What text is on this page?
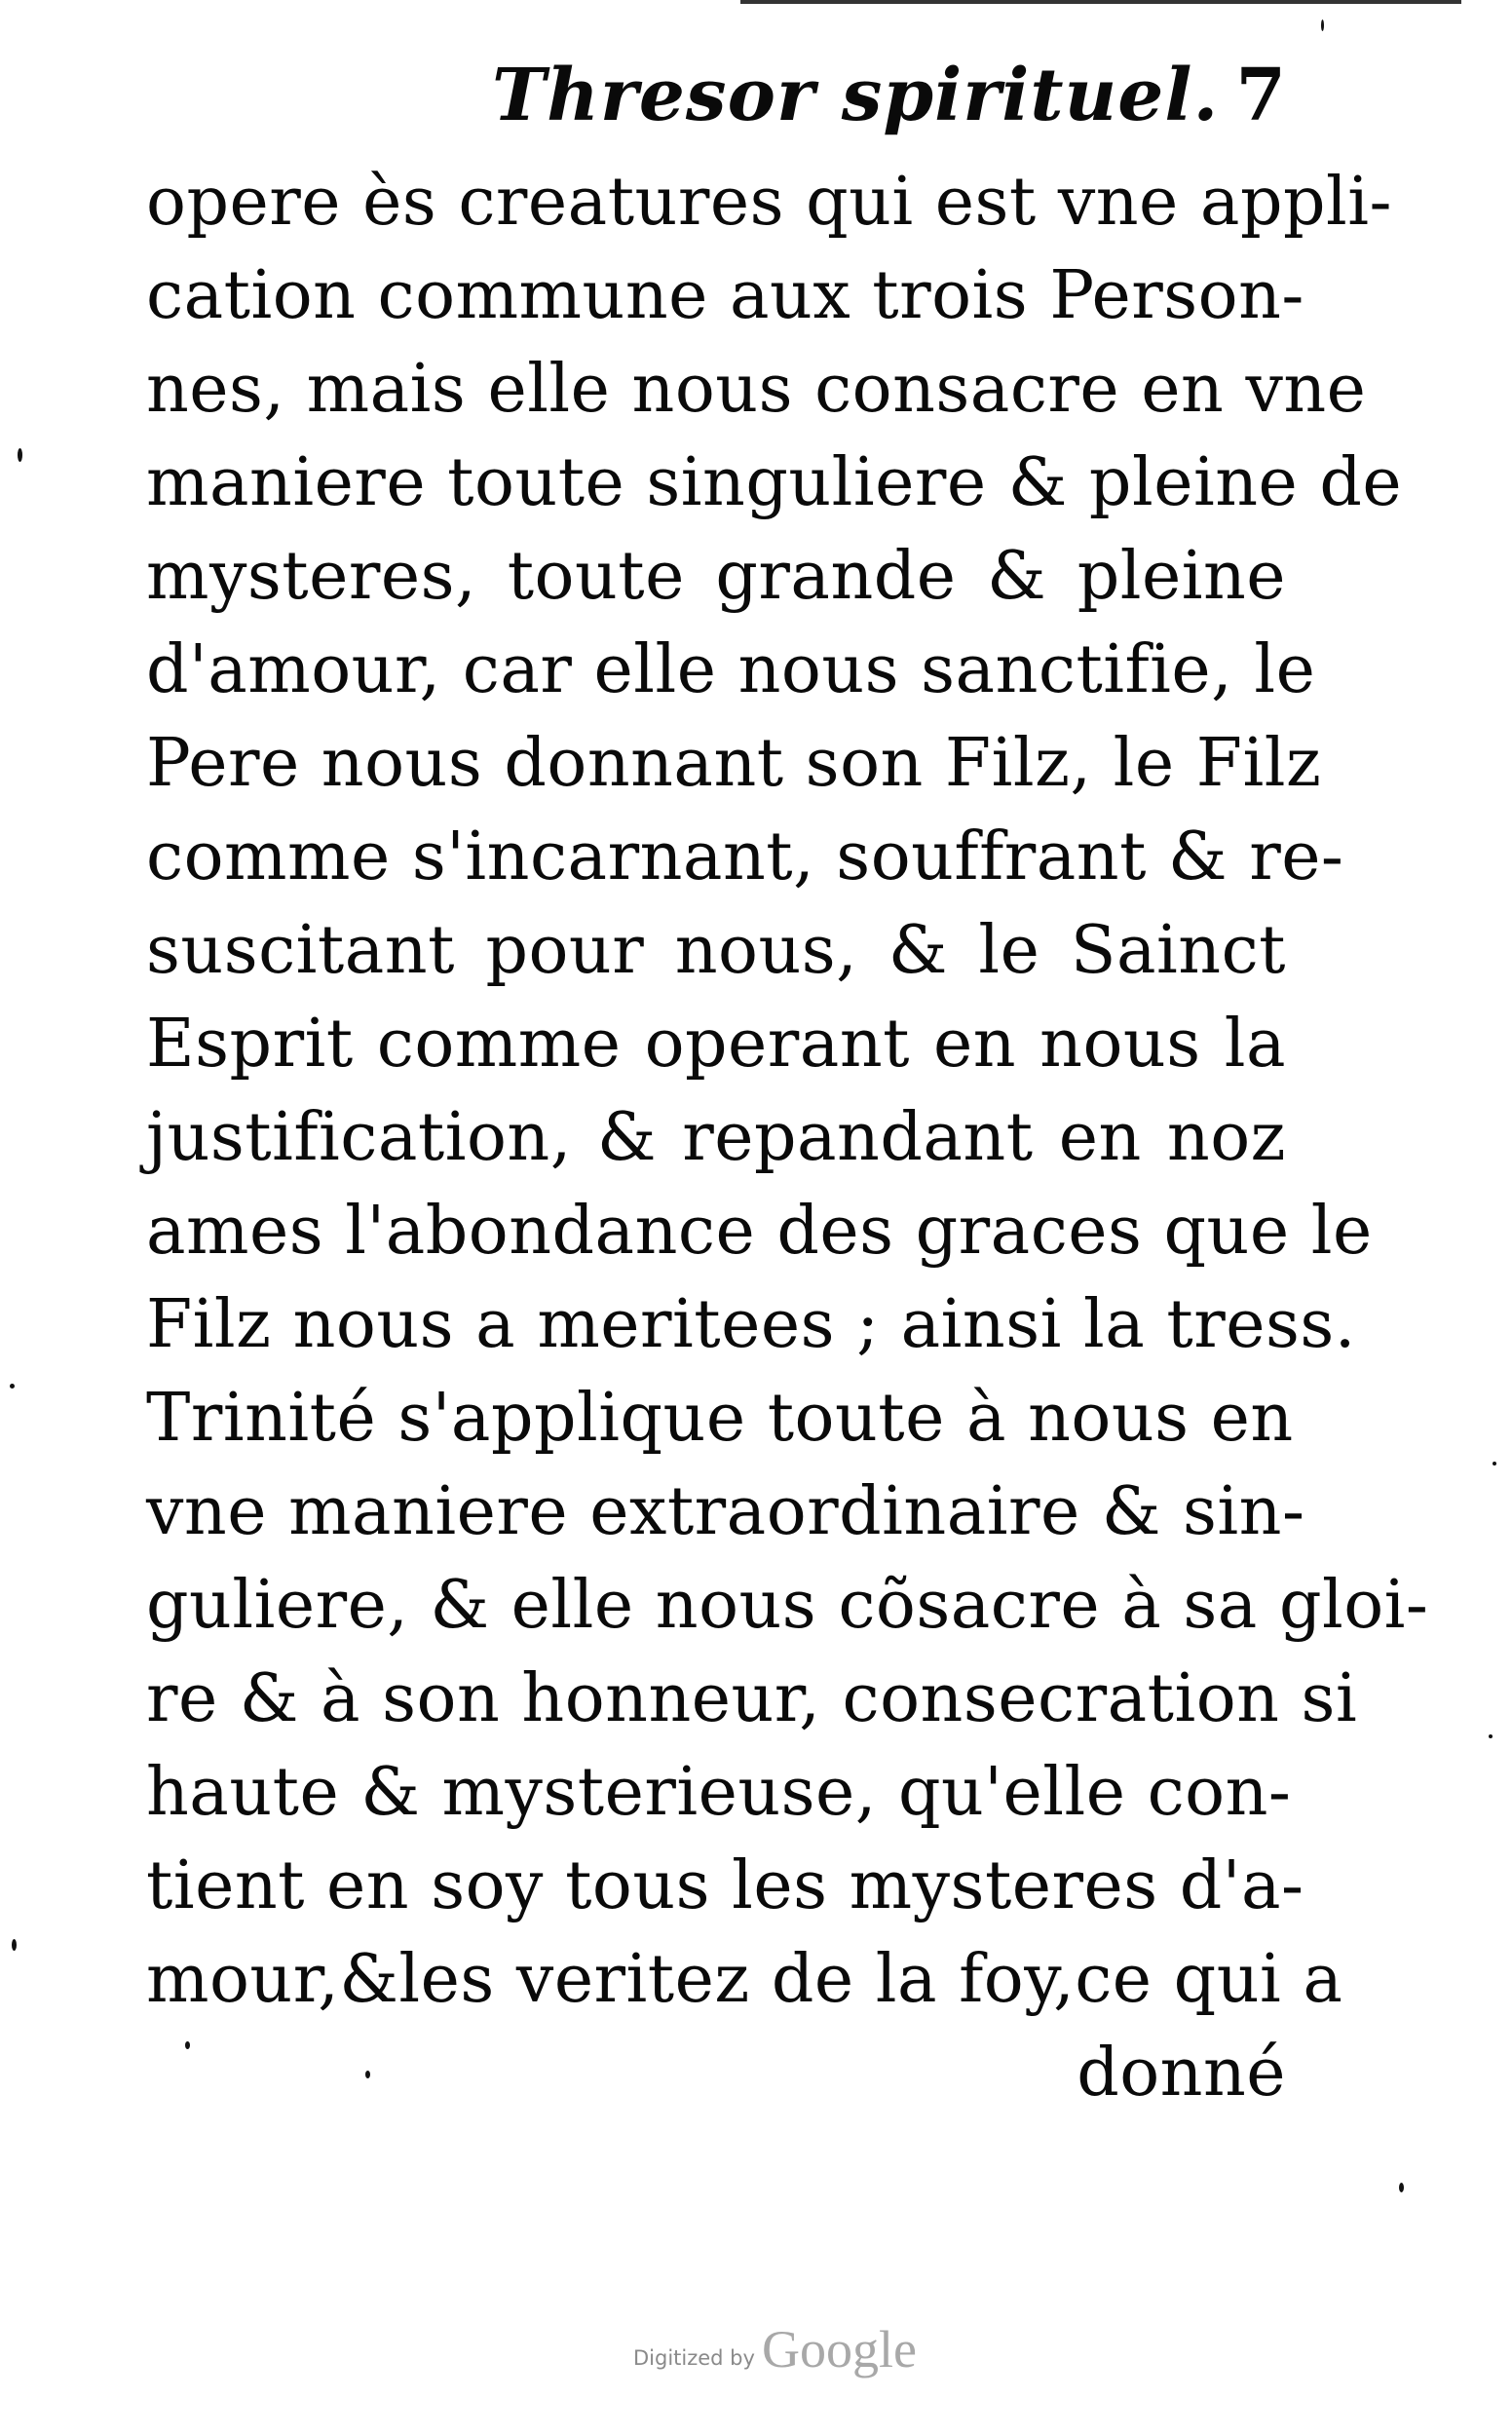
Thresor spirituel. 7
opere ès creatures qui est vne appli-
cation commune aux trois Person-
nes, mais elle nous consacre en vne
maniere toute singuliere & pleine de
mysteres, toute grande & pleine
d'amour, car elle nous sanctifie, le
Pere nous donnant son Filz, le Filz
comme s'incarnant, souffrant & re-
suscitant pour nous, & le Sainct
Esprit comme operant en nous la
justification, & repandant en noz
ames l'abondance des graces que le
Filz nous a meritees ; ainsi la tress.
Trinité s'applique toute à nous en
vne maniere extraordinaire & sin-
guliere, & elle nous cõsacre à sa gloi-
re & à son honneur, consecration si
haute & mysterieuse, qu'elle con-
tient en soy tous les mysteres d'a-
mour,&les veritez de la foy,ce qui a
donné
Digitized by Google
